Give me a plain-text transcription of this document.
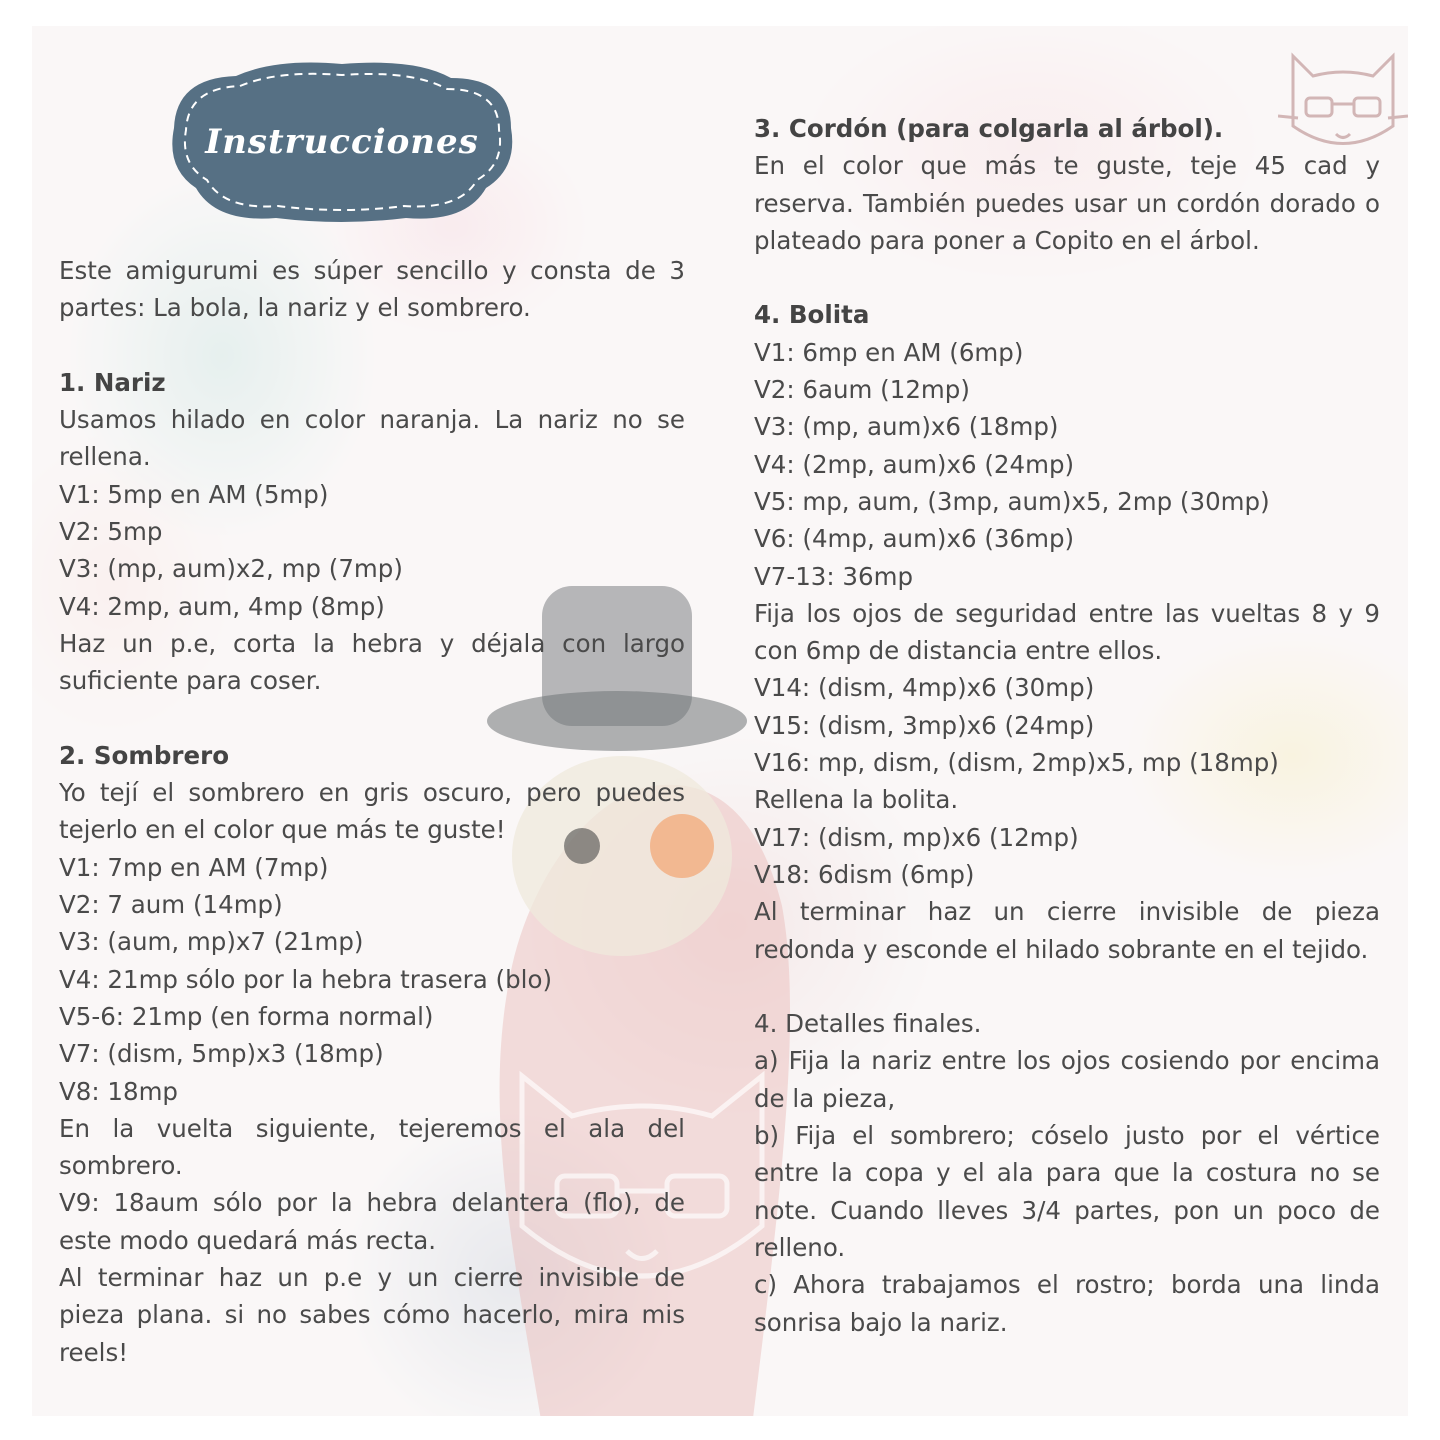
Instrucciones

Este amigurumi es súper sencillo y consta de 3 partes: La bola, la nariz y el sombrero.

1. Nariz

Usamos hilado en color naranja. La nariz no se rellena.

V1: 5mp en AM (5mp)

V2: 5mp

V3: (mp, aum)x2, mp (7mp)

V4: 2mp, aum, 4mp (8mp)

Haz un p.e, corta la hebra y déjala con largo suficiente para coser.

2. Sombrero

Yo tejí el sombrero en gris oscuro, pero puedes tejerlo en el color que más te guste!

V1: 7mp en AM (7mp)

V2: 7 aum (14mp)

V3: (aum, mp)x7 (21mp)

V4: 21mp sólo por la hebra trasera (blo)

V5-6: 21mp (en forma normal)

V7: (dism, 5mp)x3 (18mp)

V8: 18mp

En la vuelta siguiente, tejeremos el ala del sombrero.

V9: 18aum sólo por la hebra delantera (flo), de este modo quedará más recta.

Al terminar haz un p.e y un cierre invisible de pieza plana. si no sabes cómo hacerlo, mira mis reels!

3. Cordón (para colgarla al árbol).

En el color que más te guste, teje 45 cad y reserva. También puedes usar un cordón dorado o plateado para poner a Copito en el árbol.

4. Bolita

V1: 6mp en AM (6mp)

V2: 6aum (12mp)

V3: (mp, aum)x6 (18mp)

V4: (2mp, aum)x6 (24mp)

V5: mp, aum, (3mp, aum)x5, 2mp (30mp)

V6: (4mp, aum)x6 (36mp)

V7-13: 36mp

Fija los ojos de seguridad entre las vueltas 8 y 9 con 6mp de distancia entre ellos.

V14: (dism, 4mp)x6 (30mp)

V15: (dism, 3mp)x6 (24mp)

V16: mp, dism, (dism, 2mp)x5, mp (18mp)

Rellena la bolita.

V17: (dism, mp)x6 (12mp)

V18: 6dism (6mp)

Al terminar haz un cierre invisible de pieza redonda y esconde el hilado sobrante en el tejido.

4. Detalles finales.

a) Fija la nariz entre los ojos cosiendo por encima de la pieza,

b) Fija el sombrero; cóselo justo por el vértice entre la copa y el ala para que la costura no se note. Cuando lleves 3/4 partes, pon un poco de relleno.

c) Ahora trabajamos el rostro; borda una linda sonrisa bajo la nariz.
